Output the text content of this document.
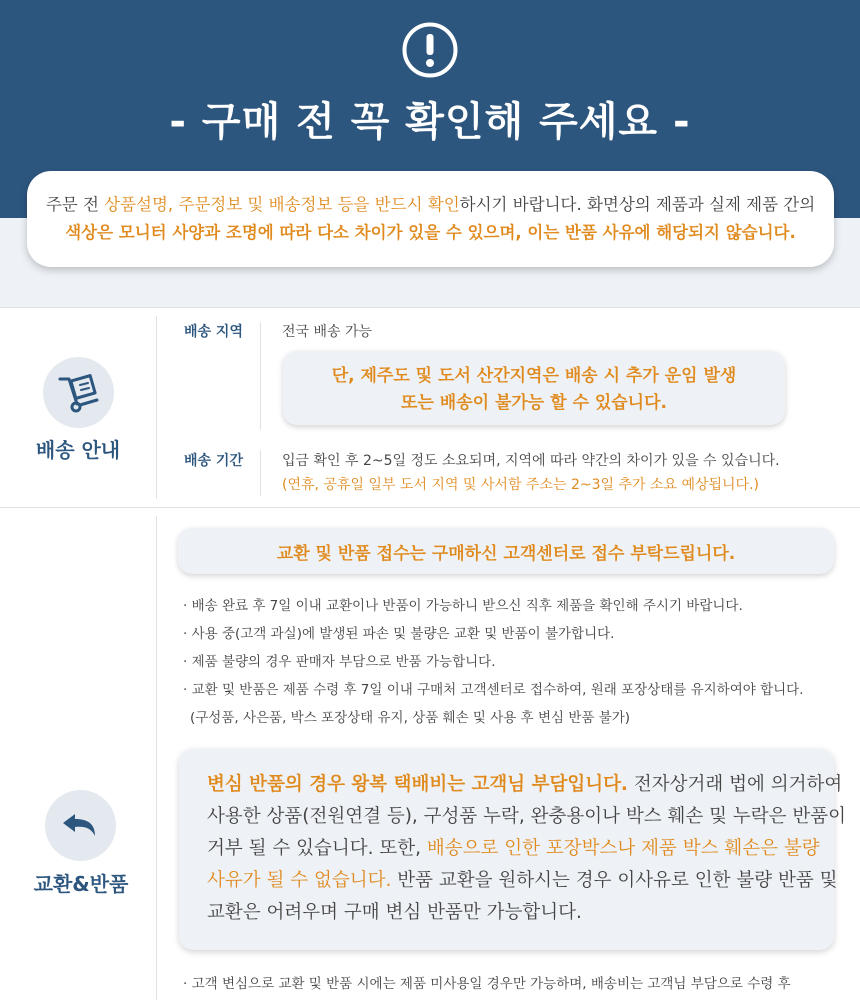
- 구매 전 꼭 확인해 주세요 -
주문 전 상품설명, 주문정보 및 배송정보 등을 반드시 확인하시기 바랍니다. 화면상의 제품과 실제 제품 간의
색상은 모니터 사양과 조명에 따라 다소 차이가 있을 수 있으며, 이는 반품 사유에 해당되지 않습니다.
배송 안내
배송 지역	전국 배송 가능
단, 제주도 및 도서 산간지역은 배송 시 추가 운임 발생
또는 배송이 불가능 할 수 있습니다.
배송 기간	입금 확인 후 2~5일 정도 소요되며, 지역에 따라 약간의 차이가 있을 수 있습니다.
(연휴, 공휴일 일부 도서 지역 및 사서함 주소는 2~3일 추가 소요 예상됩니다.)
교환&반품
교환 및 반품 접수는 구매하신 고객센터로 접수 부탁드립니다.
· 배송 완료 후 7일 이내 교환이나 반품이 가능하니 받으신 직후 제품을 확인해 주시기 바랍니다.
· 사용 중(고객 과실)에 발생된 파손 및 불량은 교환 및 반품이 불가합니다.
· 제품 불량의 경우 판매자 부담으로 반품 가능합니다.
· 교환 및 반품은 제품 수령 후 7일 이내 구매처 고객센터로 접수하여, 원래 포장상태를 유지하여야 합니다.
(구성품, 사은품, 박스 포장상태 유지, 상품 훼손 및 사용 후 변심 반품 불가)
변심 반품의 경우 왕복 택배비는 고객님 부담입니다. 전자상거래 법에 의거하여
사용한 상품(전원연결 등), 구성품 누락, 완충용이나 박스 훼손 및 누락은 반품이
거부 될 수 있습니다. 또한, 배송으로 인한 포장박스나 제품 박스 훼손은 불량
사유가 될 수 없습니다. 반품 교환을 원하시는 경우 이사유로 인한 불량 반품 및
교환은 어려우며 구매 변심 반품만 가능합니다.
· 고객 변심으로 교환 및 반품 시에는 제품 미사용일 경우만 가능하며, 배송비는 고객님 부담으로 수령 후
